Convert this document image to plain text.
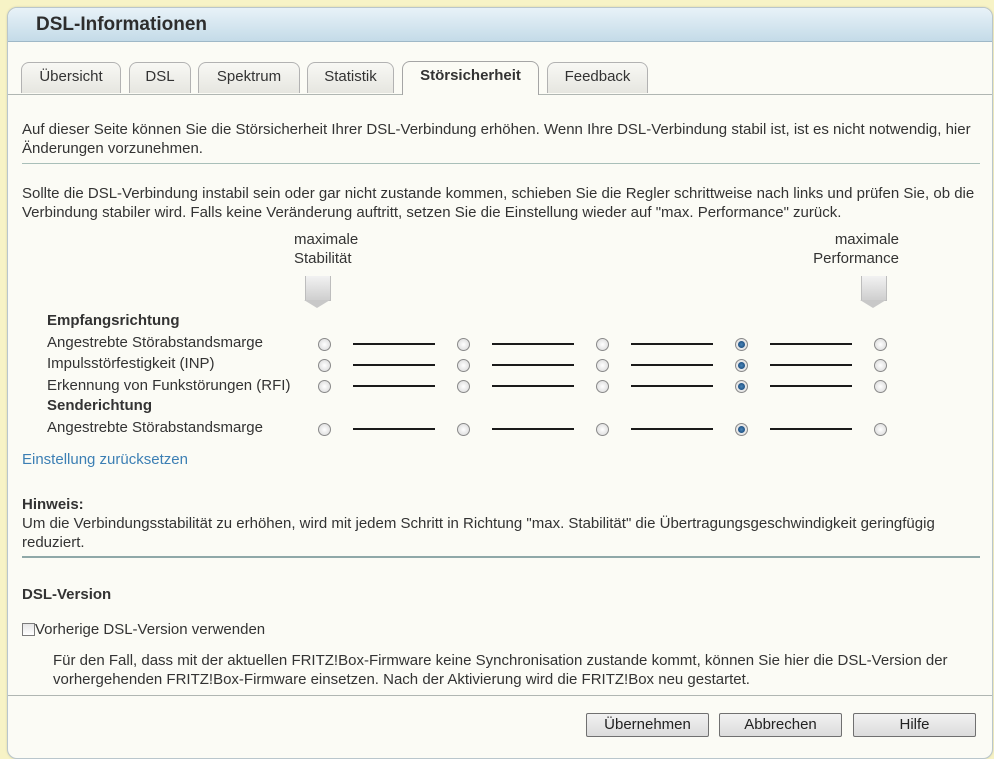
DSL-Informationen
Übersicht	DSL	Spektrum	Statistik	Störsicherheit	Feedback
Auf dieser Seite können Sie die Störsicherheit Ihrer DSL-Verbindung erhöhen. Wenn Ihre DSL-Verbindung stabil ist, ist es nicht notwendig, hier Änderungen vorzunehmen.
Sollte die DSL-Verbindung instabil sein oder gar nicht zustande kommen, schieben Sie die Regler schrittweise nach links und prüfen Sie, ob die Verbindung stabiler wird. Falls keine Veränderung auftritt, setzen Sie die Einstellung wieder auf "max. Performance" zurück.
maximale
Stabilität
maximale
Performance
Empfangsrichtung
Angestrebte Störabstandsmarge
Impulsstörfestigkeit (INP)
Erkennung von Funkstörungen (RFI)
Senderichtung
Angestrebte Störabstandsmarge
Einstellung zurücksetzen
Hinweis:
Um die Verbindungsstabilität zu erhöhen, wird mit jedem Schritt in Richtung "max. Stabilität" die Übertragungsgeschwindigkeit geringfügig reduziert.
DSL-Version
Vorherige DSL-Version verwenden
Für den Fall, dass mit der aktuellen FRITZ!Box-Firmware keine Synchronisation zustande kommt, können Sie hier die DSL-Version der vorhergehenden FRITZ!Box-Firmware einsetzen. Nach der Aktivierung wird die FRITZ!Box neu gestartet.
Übernehmen	Abbrechen	Hilfe
